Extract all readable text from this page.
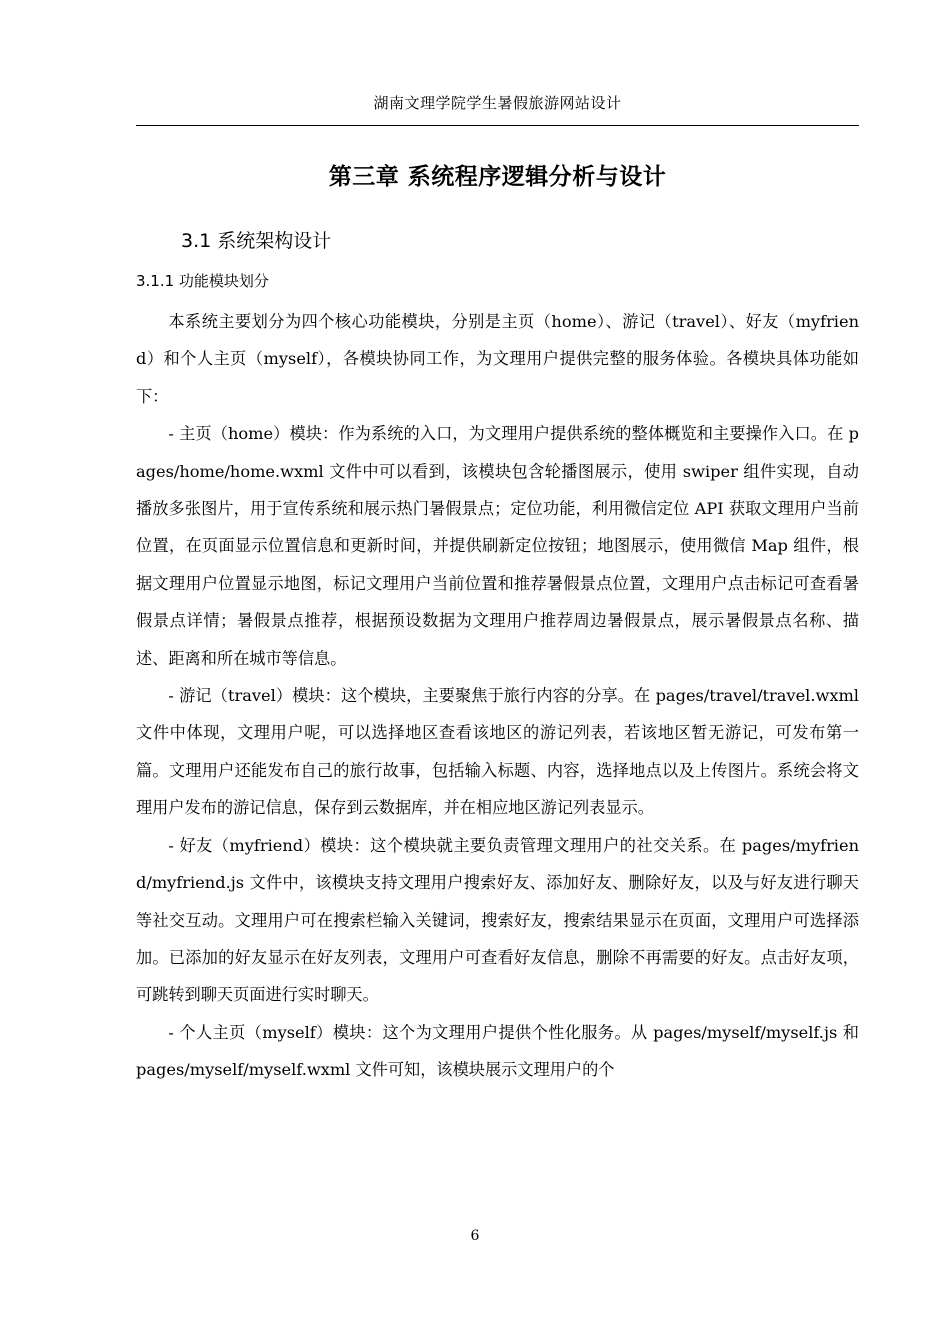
湖南文理学院学生暑假旅游网站设计
第三章 系统程序逻辑分析与设计
3.1 系统架构设计
3.1.1 功能模块划分

本系统主要划分为四个核心功能模块，分别是主页（home）、游记（travel）、好友（myfriend）和个人主页（myself），各模块协同工作，为文理用户提供完整的服务体验。各模块具体功能如下：

- 主页（home）模块：作为系统的入口，为文理用户提供系统的整体概览和主要操作入口。在 pages/home/home.wxml 文件中可以看到，该模块包含轮播图展示，使用 swiper 组件实现，自动播放多张图片，用于宣传系统和展示热门暑假景点；定位功能，利用微信定位 API 获取文理用户当前位置，在页面显示位置信息和更新时间，并提供刷新定位按钮；地图展示，使用微信 Map 组件，根据文理用户位置显示地图，标记文理用户当前位置和推荐暑假景点位置，文理用户点击标记可查看暑假景点详情；暑假景点推荐，根据预设数据为文理用户推荐周边暑假景点，展示暑假景点名称、描述、距离和所在城市等信息。

- 游记（travel）模块：这个模块，主要聚焦于旅行内容的分享。在 pages/travel/travel.wxml 文件中体现，文理用户呢，可以选择地区查看该地区的游记列表，若该地区暂无游记，可发布第一篇。文理用户还能发布自己的旅行故事，包括输入标题、内容，选择地点以及上传图片。系统会将文理用户发布的游记信息，保存到云数据库，并在相应地区游记列表显示。

- 好友（myfriend）模块：这个模块就主要负责管理文理用户的社交关系。在 pages/myfriend/myfriend.js 文件中，该模块支持文理用户搜索好友、添加好友、删除好友，以及与好友进行聊天等社交互动。文理用户可在搜索栏输入关键词，搜索好友，搜索结果显示在页面，文理用户可选择添加。已添加的好友显示在好友列表，文理用户可查看好友信息，删除不再需要的好友。点击好友项，可跳转到聊天页面进行实时聊天。

- 个人主页（myself）模块：这个为文理用户提供个性化服务。从 pages/myself/myself.js 和 pages/myself/myself.wxml 文件可知，该模块展示文理用户的个

6
